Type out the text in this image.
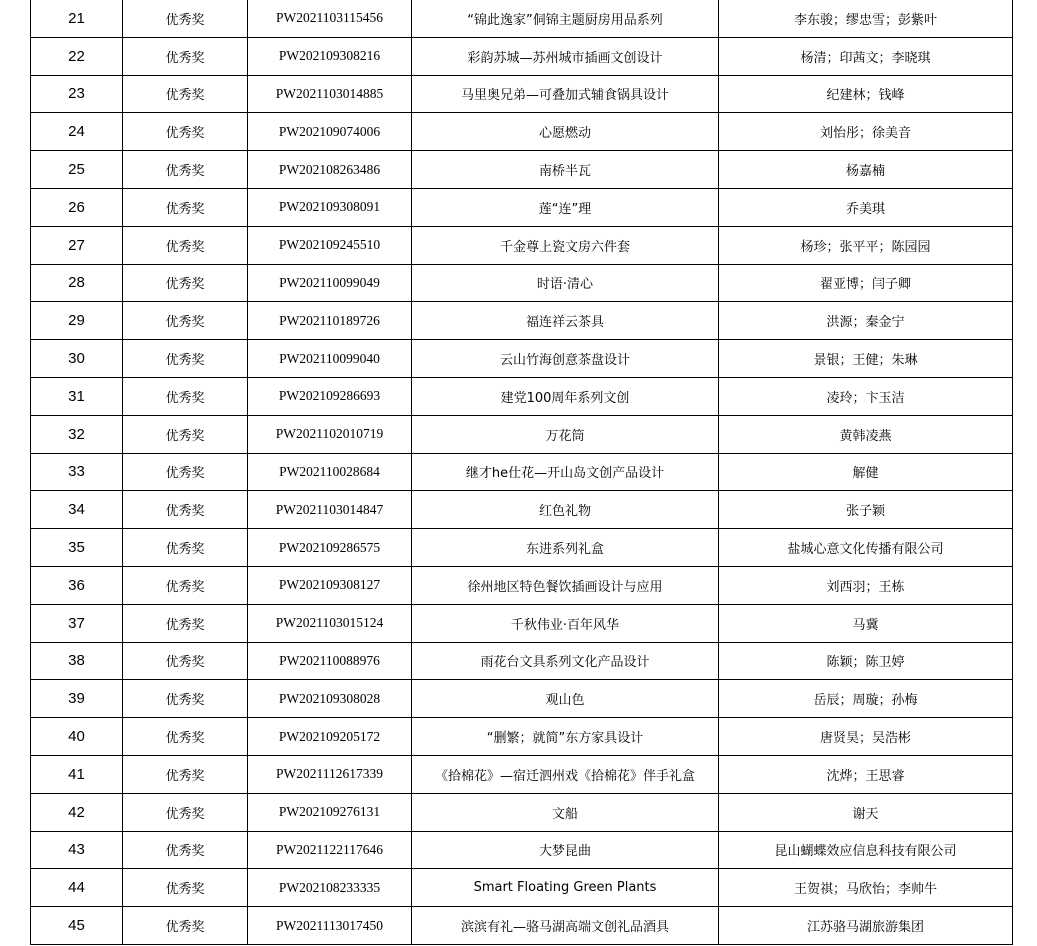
21	优秀奖	PW2021103115456	“锦此逸家”侗锦主题厨房用品系列	李东骏；缪忠雪；彭紫叶
22	优秀奖	PW202109308216	彩韵苏城—苏州城市插画文创设计	杨清；印茜文；李晓琪
23	优秀奖	PW2021103014885	马里奥兄弟—可叠加式辅食锅具设计	纪建林；钱峰
24	优秀奖	PW202109074006	心愿燃动	刘怡彤；徐美音
25	优秀奖	PW202108263486	南桥半瓦	杨嘉楠
26	优秀奖	PW202109308091	莲“连”理	乔美琪
27	优秀奖	PW202109245510	千金尊上瓷文房六件套	杨珍；张平平；陈园园
28	优秀奖	PW202110099049	时语·清心	翟亚博；闫子卿
29	优秀奖	PW202110189726	福连祥云茶具	洪源；秦金宁
30	优秀奖	PW202110099040	云山竹海创意茶盘设计	景银；王健；朱琳
31	优秀奖	PW202109286693	建党100周年系列文创	凌玲；卞玉洁
32	优秀奖	PW2021102010719	万花筒	黄韩凌燕
33	优秀奖	PW202110028684	继才he仕花—开山岛文创产品设计	解健
34	优秀奖	PW2021103014847	红色礼物	张子颖
35	优秀奖	PW202109286575	东进系列礼盒	盐城心意文化传播有限公司
36	优秀奖	PW202109308127	徐州地区特色餐饮插画设计与应用	刘西羽；王栋
37	优秀奖	PW2021103015124	千秋伟业·百年风华	马冀
38	优秀奖	PW202110088976	雨花台文具系列文化产品设计	陈颖；陈卫婷
39	优秀奖	PW202109308028	观山色	岳辰；周璇；孙梅
40	优秀奖	PW202109205172	“删繁；就简”东方家具设计	唐贤昊；吴浩彬
41	优秀奖	PW2021112617339	《拾棉花》—宿迁泗州戏《拾棉花》伴手礼盒	沈烨；王思睿
42	优秀奖	PW202109276131	文船	谢天
43	优秀奖	PW2021122117646	大梦昆曲	昆山蝴蝶效应信息科技有限公司
44	优秀奖	PW202108233335	Smart Floating Green Plants	王贺祺；马欣怡；李帅牛
45	优秀奖	PW2021113017450	滨滨有礼—骆马湖高端文创礼品酒具	江苏骆马湖旅游集团
